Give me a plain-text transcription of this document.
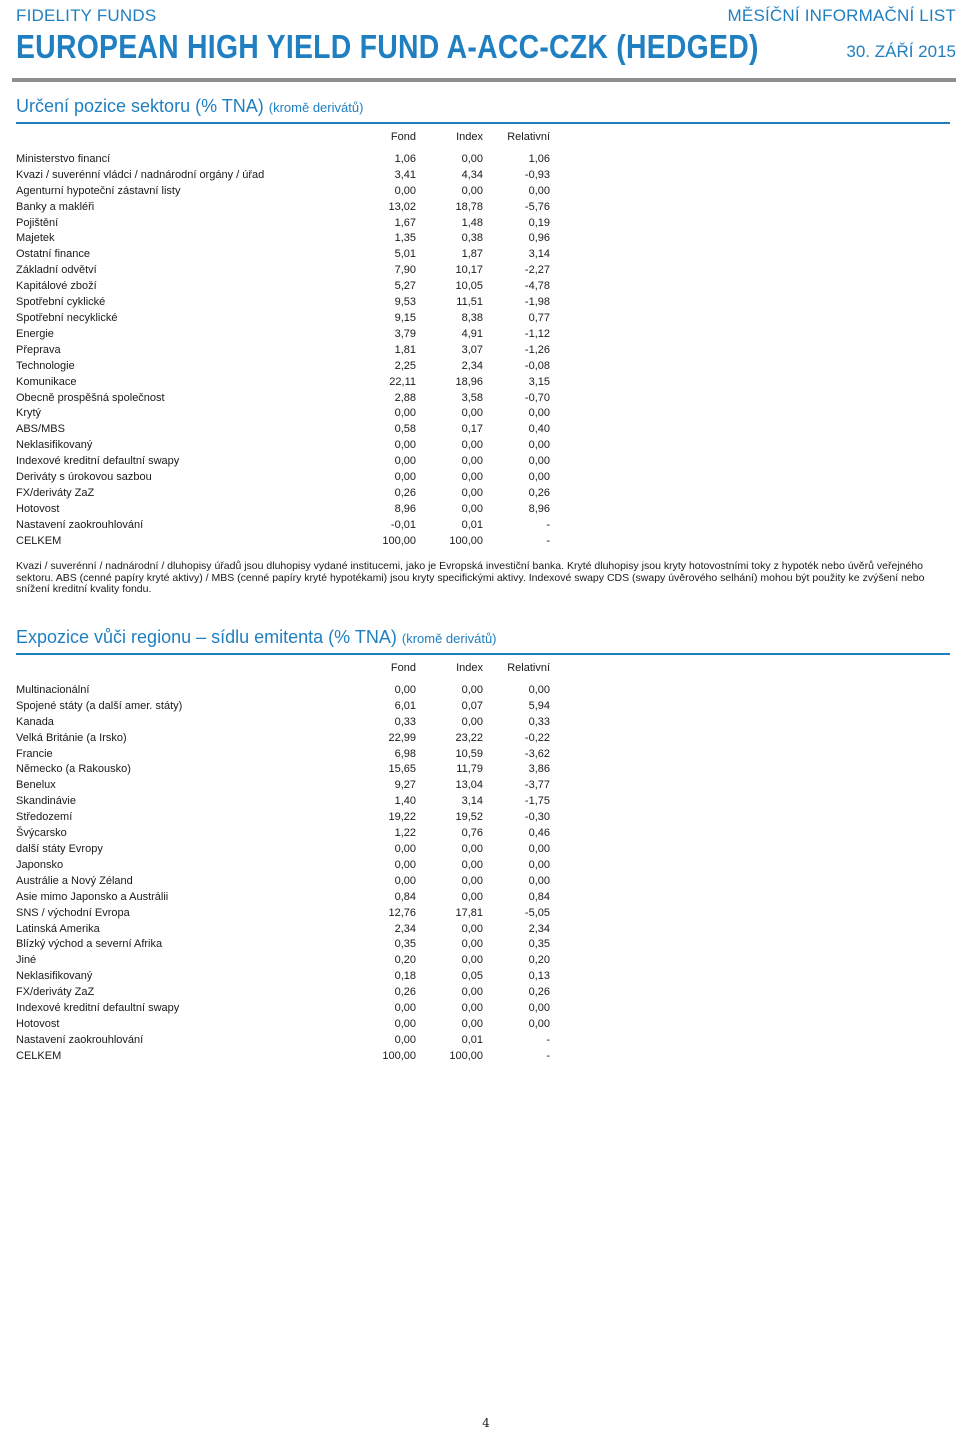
FIDELITY FUNDS	MĚSÍČNÍ INFORMAČNÍ LIST
EUROPEAN HIGH YIELD FUND A-ACC-CZK (HEDGED)	30. ZÁŘÍ 2015
Určení pozice sektoru (% TNA) (kromě derivátů)
	Fond	Index	Relativní

Ministerstvo financí	1,06	0,00	1,06
Kvazi / suverénní vládci / nadnárodní orgány / úřad	3,41	4,34	-0,93
Agenturní hypoteční zástavní listy	0,00	0,00	0,00
Banky a makléři	13,02	18,78	-5,76
Pojištění	1,67	1,48	0,19
Majetek	1,35	0,38	0,96
Ostatní finance	5,01	1,87	3,14
Základní odvětví	7,90	10,17	-2,27
Kapitálové zboží	5,27	10,05	-4,78
Spotřební cyklické	9,53	11,51	-1,98
Spotřební necyklické	9,15	8,38	0,77
Energie	3,79	4,91	-1,12
Přeprava	1,81	3,07	-1,26
Technologie	2,25	2,34	-0,08
Komunikace	22,11	18,96	3,15
Obecně prospěšná společnost	2,88	3,58	-0,70
Krytý	0,00	0,00	0,00
ABS/MBS	0,58	0,17	0,40
Neklasifikovaný	0,00	0,00	0,00
Indexové kreditní defaultní swapy	0,00	0,00	0,00
Deriváty s úrokovou sazbou	0,00	0,00	0,00
FX/deriváty ZaZ	0,26	0,00	0,26
Hotovost	8,96	0,00	8,96
Nastavení zaokrouhlování	-0,01	0,01	-
CELKEM	100,00	100,00	-
Kvazi / suverénní / nadnárodní / dluhopisy úřadů jsou dluhopisy vydané institucemi, jako je Evropská investiční banka. Kryté dluhopisy jsou kryty hotovostními toky z hypoték nebo úvěrů veřejného sektoru. ABS (cenné papíry kryté aktivy) / MBS (cenné papíry kryté hypotékami) jsou kryty specifickými aktivy. Indexové swapy CDS (swapy úvěrového selhání) mohou být použity ke zvýšení nebo snížení kreditní kvality fondu.
Expozice vůči regionu – sídlu emitenta (% TNA) (kromě derivátů)
	Fond	Index	Relativní

Multinacionální	0,00	0,00	0,00
Spojené státy (a další amer. státy)	6,01	0,07	5,94
Kanada	0,33	0,00	0,33
Velká Británie (a Irsko)	22,99	23,22	-0,22
Francie	6,98	10,59	-3,62
Německo (a Rakousko)	15,65	11,79	3,86
Benelux	9,27	13,04	-3,77
Skandinávie	1,40	3,14	-1,75
Středozemí	19,22	19,52	-0,30
Švýcarsko	1,22	0,76	0,46
další státy Evropy	0,00	0,00	0,00
Japonsko	0,00	0,00	0,00
Austrálie a Nový Zéland	0,00	0,00	0,00
Asie mimo Japonsko a Austrálii	0,84	0,00	0,84
SNS / východní Evropa	12,76	17,81	-5,05
Latinská Amerika	2,34	0,00	2,34
Blízký východ a severní Afrika	0,35	0,00	0,35
Jiné	0,20	0,00	0,20
Neklasifikovaný	0,18	0,05	0,13
FX/deriváty ZaZ	0,26	0,00	0,26
Indexové kreditní defaultní swapy	0,00	0,00	0,00
Hotovost	0,00	0,00	0,00
Nastavení zaokrouhlování	0,00	0,01	-
CELKEM	100,00	100,00	-
4
